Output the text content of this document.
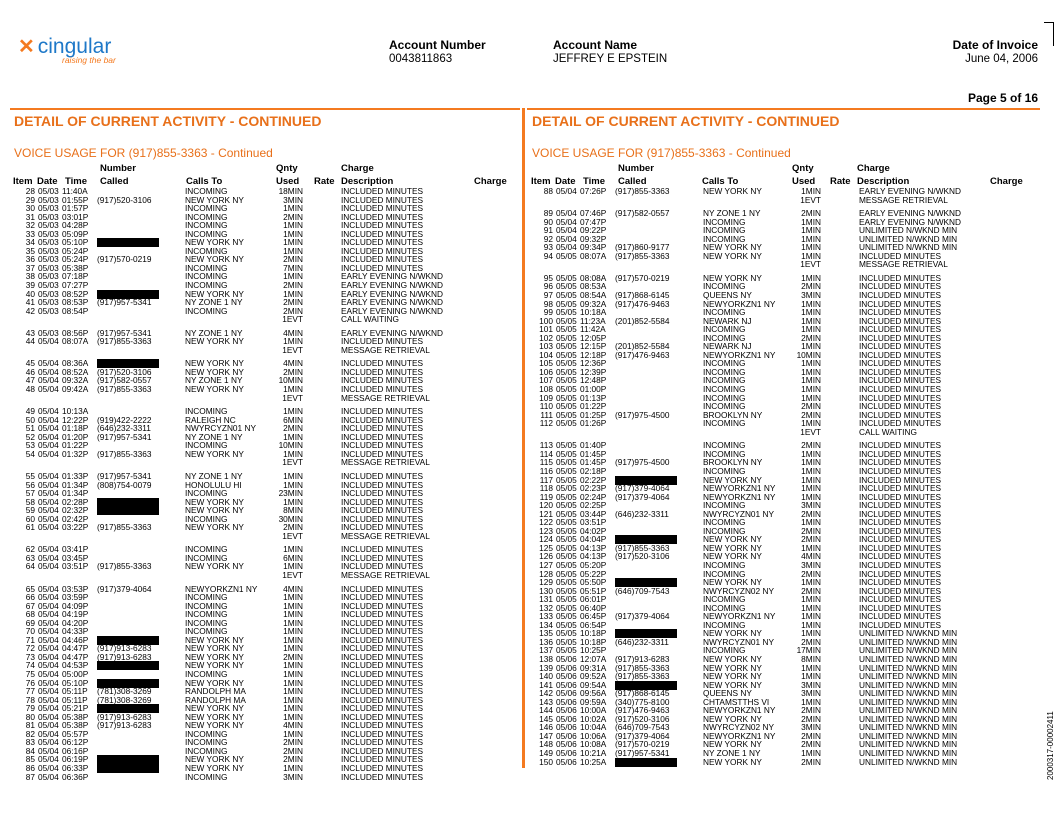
✕ cingular
raising the bar
Account Number
0043811863
Account Name
JEFFREY E EPSTEIN
Date of Invoice
June 04, 2006
Page 5 of 16
DETAIL OF CURRENT ACTIVITY - CONTINUED	DETAIL OF CURRENT ACTIVITY - CONTINUED
VOICE USAGE FOR (917)855-3363 - Continued	VOICE USAGE FOR (917)855-3363 - Continued
Number	Qnty	Charge
Item Date Time Called	Calls To	Used Rate Description	Charge
Number	Qnty	Charge
Item Date Time Called	Calls To	Used Rate Description	Charge
28 05/03 11:40A	INCOMING	18MIN	INCLUDED MINUTES
29 05/03 01:55P (917)520-3106	NEW YORK NY	3MIN	INCLUDED MINUTES
30 05/03 01:57P	INCOMING	1MIN	INCLUDED MINUTES
31 05/03 03:01P	INCOMING	2MIN	INCLUDED MINUTES
32 05/03 04:28P	INCOMING	1MIN	INCLUDED MINUTES
33 05/03 05:09P	INCOMING	1MIN	INCLUDED MINUTES
34 05/03 05:10P	NEW YORK NY	1MIN	INCLUDED MINUTES
35 05/03 05:24P	INCOMING	1MIN	INCLUDED MINUTES
36 05/03 05:24P (917)570-0219	NEW YORK NY	2MIN	INCLUDED MINUTES
37 05/03 05:38P	INCOMING	7MIN	INCLUDED MINUTES
38 05/03 07:18P	INCOMING	1MIN	EARLY EVENING N/WKND
39 05/03 07:27P	INCOMING	2MIN	EARLY EVENING N/WKND
40 05/03 08:52P	NEW YORK NY	1MIN	EARLY EVENING N/WKND
41 05/03 08:53P (917)957-5341	NY ZONE 1 NY	2MIN	EARLY EVENING N/WKND
42 05/03 08:54P	INCOMING	2MIN	EARLY EVENING N/WKND
1EVT	CALL WAITING
43 05/03 08:56P (917)957-5341	NY ZONE 1 NY	4MIN	EARLY EVENING N/WKND
44 05/04 08:07A (917)855-3363	NEW YORK NY	1MIN	INCLUDED MINUTES
1EVT	MESSAGE RETRIEVAL
45 05/04 08:36A	NEW YORK NY	4MIN	INCLUDED MINUTES
46 05/04 08:52A (917)520-3106	NEW YORK NY	2MIN	INCLUDED MINUTES
47 05/04 09:32A (917)582-0557	NY ZONE 1 NY	10MIN	INCLUDED MINUTES
48 05/04 09:42A (917)855-3363	NEW YORK NY	1MIN	INCLUDED MINUTES
1EVT	MESSAGE RETRIEVAL
49 05/04 10:13A	INCOMING	1MIN	INCLUDED MINUTES
50 05/04 12:22P (919)422-2222	RALEIGH NC	6MIN	INCLUDED MINUTES
51 05/04 01:18P (646)232-3311	NWYRCYZN01 NY	2MIN	INCLUDED MINUTES
52 05/04 01:20P (917)957-5341	NY ZONE 1 NY	1MIN	INCLUDED MINUTES
53 05/04 01:22P	INCOMING	10MIN	INCLUDED MINUTES
54 05/04 01:32P (917)855-3363	NEW YORK NY	1MIN	INCLUDED MINUTES
1EVT	MESSAGE RETRIEVAL
55 05/04 01:33P (917)957-5341	NY ZONE 1 NY	1MIN	INCLUDED MINUTES
56 05/04 01:34P (808)754-0079	HONOLULU HI	1MIN	INCLUDED MINUTES
57 05/04 01:34P	INCOMING	23MIN	INCLUDED MINUTES
58 05/04 02:28P	NEW YORK NY	1MIN	INCLUDED MINUTES
59 05/04 02:32P	NEW YORK NY	8MIN	INCLUDED MINUTES
60 05/04 02:42P	INCOMING	30MIN	INCLUDED MINUTES
61 05/04 03:22P (917)855-3363	NEW YORK NY	2MIN	INCLUDED MINUTES
1EVT	MESSAGE RETRIEVAL
62 05/04 03:41P	INCOMING	1MIN	INCLUDED MINUTES
63 05/04 03:45P	INCOMING	6MIN	INCLUDED MINUTES
64 05/04 03:51P (917)855-3363	NEW YORK NY	1MIN	INCLUDED MINUTES
1EVT	MESSAGE RETRIEVAL
65 05/04 03:53P (917)379-4064	NEWYORKZN1 NY	4MIN	INCLUDED MINUTES
66 05/04 03:59P	INCOMING	1MIN	INCLUDED MINUTES
67 05/04 04:09P	INCOMING	1MIN	INCLUDED MINUTES
68 05/04 04:19P	INCOMING	1MIN	INCLUDED MINUTES
69 05/04 04:20P	INCOMING	1MIN	INCLUDED MINUTES
70 05/04 04:33P	INCOMING	1MIN	INCLUDED MINUTES
71 05/04 04:46P	NEW YORK NY	1MIN	INCLUDED MINUTES
72 05/04 04:47P (917)913-6283	NEW YORK NY	1MIN	INCLUDED MINUTES
73 05/04 04:47P (917)913-6283	NEW YORK NY	2MIN	INCLUDED MINUTES
74 05/04 04:53P	NEW YORK NY	1MIN	INCLUDED MINUTES
75 05/04 05:00P	INCOMING	1MIN	INCLUDED MINUTES
76 05/04 05:10P	NEW YORK NY	1MIN	INCLUDED MINUTES
77 05/04 05:11P (781)308-3269	RANDOLPH MA	1MIN	INCLUDED MINUTES
78 05/04 05:11P (781)308-3269	RANDOLPH MA	1MIN	INCLUDED MINUTES
79 05/04 05:21P	NEW YORK NY	1MIN	INCLUDED MINUTES
80 05/04 05:38P (917)913-6283	NEW YORK NY	1MIN	INCLUDED MINUTES
81 05/04 05:38P (917)913-6283	NEW YORK NY	4MIN	INCLUDED MINUTES
82 05/04 05:57P	INCOMING	1MIN	INCLUDED MINUTES
83 05/04 06:12P	INCOMING	2MIN	INCLUDED MINUTES
84 05/04 06:16P	INCOMING	2MIN	INCLUDED MINUTES
85 05/04 06:19P	NEW YORK NY	2MIN	INCLUDED MINUTES
86 05/04 06:33P	NEW YORK NY	1MIN	INCLUDED MINUTES
87 05/04 06:36P	INCOMING	3MIN	INCLUDED MINUTES
88 05/04 07:26P (917)855-3363	NEW YORK NY	1MIN	EARLY EVENING N/WKND
1EVT	MESSAGE RETRIEVAL
89 05/04 07:46P (917)582-0557	NY ZONE 1 NY	2MIN	EARLY EVENING N/WKND
90 05/04 07:47P	INCOMING	1MIN	EARLY EVENING N/WKND
91 05/04 09:22P	INCOMING	1MIN	UNLIMITED N/WKND MIN
92 05/04 09:32P	INCOMING	1MIN	UNLIMITED N/WKND MIN
93 05/04 09:34P (917)860-9177	NEW YORK NY	1MIN	UNLIMITED N/WKND MIN
94 05/05 08:07A (917)855-3363	NEW YORK NY	1MIN	INCLUDED MINUTES
1EVT	MESSAGE RETRIEVAL
95 05/05 08:08A (917)570-0219	NEW YORK NY	1MIN	INCLUDED MINUTES
96 05/05 08:53A	INCOMING	2MIN	INCLUDED MINUTES
97 05/05 08:54A (917)868-6145	QUEENS NY	3MIN	INCLUDED MINUTES
98 05/05 09:32A (917)476-9463	NEWYORKZN1 NY	1MIN	INCLUDED MINUTES
99 05/05 10:18A	INCOMING	1MIN	INCLUDED MINUTES
100 05/05 11:23A (201)852-5584	NEWARK NJ	1MIN	INCLUDED MINUTES
101 05/05 11:42A	INCOMING	1MIN	INCLUDED MINUTES
102 05/05 12:05P	INCOMING	2MIN	INCLUDED MINUTES
103 05/05 12:15P (201)852-5584	NEWARK NJ	1MIN	INCLUDED MINUTES
104 05/05 12:18P (917)476-9463	NEWYORKZN1 NY	10MIN	INCLUDED MINUTES
105 05/05 12:36P	INCOMING	1MIN	INCLUDED MINUTES
106 05/05 12:39P	INCOMING	1MIN	INCLUDED MINUTES
107 05/05 12:48P	INCOMING	1MIN	INCLUDED MINUTES
108 05/05 01:00P	INCOMING	1MIN	INCLUDED MINUTES
109 05/05 01:13P	INCOMING	1MIN	INCLUDED MINUTES
110 05/05 01:22P	INCOMING	2MIN	INCLUDED MINUTES
111 05/05 01:25P (917)975-4500	BROOKLYN NY	2MIN	INCLUDED MINUTES
112 05/05 01:26P	INCOMING	1MIN	INCLUDED MINUTES
1EVT	CALL WAITING
113 05/05 01:40P	INCOMING	2MIN	INCLUDED MINUTES
114 05/05 01:45P	INCOMING	1MIN	INCLUDED MINUTES
115 05/05 01:45P (917)975-4500	BROOKLYN NY	1MIN	INCLUDED MINUTES
116 05/05 02:18P	INCOMING	1MIN	INCLUDED MINUTES
117 05/05 02:22P	NEW YORK NY	1MIN	INCLUDED MINUTES
118 05/05 02:23P (917)379-4064	NEWYORKZN1 NY	1MIN	INCLUDED MINUTES
119 05/05 02:24P (917)379-4064	NEWYORKZN1 NY	1MIN	INCLUDED MINUTES
120 05/05 02:25P	INCOMING	3MIN	INCLUDED MINUTES
121 05/05 03:44P (646)232-3311	NWYRCYZN01 NY	2MIN	INCLUDED MINUTES
122 05/05 03:51P	INCOMING	1MIN	INCLUDED MINUTES
123 05/05 04:02P	INCOMING	2MIN	INCLUDED MINUTES
124 05/05 04:04P	NEW YORK NY	2MIN	INCLUDED MINUTES
125 05/05 04:13P (917)855-3363	NEW YORK NY	1MIN	INCLUDED MINUTES
126 05/05 04:13P (917)520-3106	NEW YORK NY	4MIN	INCLUDED MINUTES
127 05/05 05:20P	INCOMING	3MIN	INCLUDED MINUTES
128 05/05 05:22P	INCOMING	2MIN	INCLUDED MINUTES
129 05/05 05:50P	NEW YORK NY	1MIN	INCLUDED MINUTES
130 05/05 05:51P (646)709-7543	NWYRCYZN02 NY	2MIN	INCLUDED MINUTES
131 05/05 06:01P	INCOMING	1MIN	INCLUDED MINUTES
132 05/05 06:40P	INCOMING	1MIN	INCLUDED MINUTES
133 05/05 06:45P (917)379-4064	NEWYORKZN1 NY	1MIN	INCLUDED MINUTES
134 05/05 06:54P	INCOMING	1MIN	INCLUDED MINUTES
135 05/05 10:18P	NEW YORK NY	1MIN	UNLIMITED N/WKND MIN
136 05/05 10:18P (646)232-3311	NWYRCYZN01 NY	2MIN	UNLIMITED N/WKND MIN
137 05/05 10:25P	INCOMING	17MIN	UNLIMITED N/WKND MIN
138 05/06 12:07A (917)913-6283	NEW YORK NY	8MIN	UNLIMITED N/WKND MIN
139 05/06 09:31A (917)855-3363	NEW YORK NY	1MIN	UNLIMITED N/WKND MIN
140 05/06 09:52A (917)855-3363	NEW YORK NY	1MIN	UNLIMITED N/WKND MIN
141 05/06 09:54A	NEW YORK NY	3MIN	UNLIMITED N/WKND MIN
142 05/06 09:56A (917)868-6145	QUEENS NY	3MIN	UNLIMITED N/WKND MIN
143 05/06 09:59A (340)775-8100	CHTAMSTTHS VI	1MIN	UNLIMITED N/WKND MIN
144 05/06 10:00A (917)476-9463	NEWYORKZN1 NY	2MIN	UNLIMITED N/WKND MIN
145 05/06 10:02A (917)520-3106	NEW YORK NY	2MIN	UNLIMITED N/WKND MIN
146 05/06 10:04A (646)709-7543	NWYRCYZN02 NY	3MIN	UNLIMITED N/WKND MIN
147 05/06 10:06A (917)379-4064	NEWYORKZN1 NY	2MIN	UNLIMITED N/WKND MIN
148 05/06 10:08A (917)570-0219	NEW YORK NY	2MIN	UNLIMITED N/WKND MIN
149 05/06 10:21A (917)957-5341	NY ZONE 1 NY	1MIN	UNLIMITED N/WKND MIN
150 05/06 10:25A	NEW YORK NY	2MIN	UNLIMITED N/WKND MIN	2000317-00002411
